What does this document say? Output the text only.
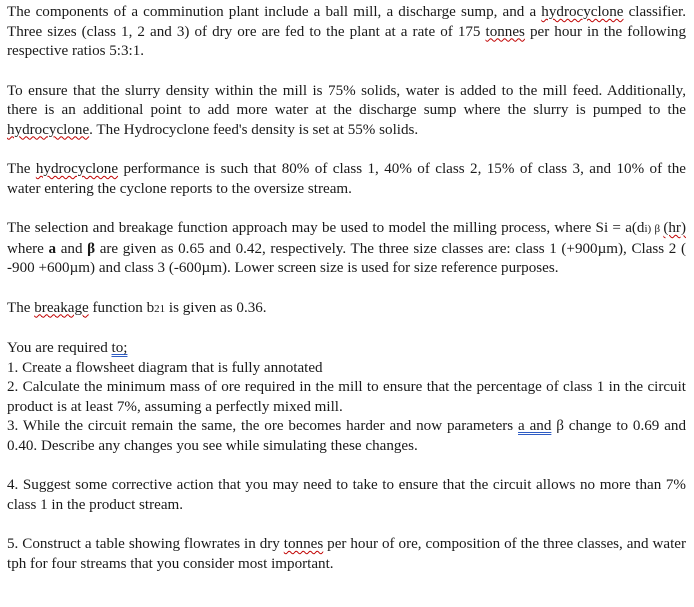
The components of a comminution plant include a ball mill, a discharge sump, and a hydrocyclone classifier. Three sizes (class 1, 2 and 3) of dry ore are fed to the plant at a rate of 175 tonnes per hour in the following respective ratios 5:3:1.

To ensure that the slurry density within the mill is 75% solids, water is added to the mill feed. Additionally, there is an additional point to add more water at the discharge sump where the slurry is pumped to the hydrocyclone. The Hydrocyclone feed's density is set at 55% solids.

The hydrocyclone performance is such that 80% of class 1, 40% of class 2, 15% of class 3, and 10% of the water entering the cyclone reports to the oversize stream.

The selection and breakage function approach may be used to model the milling process, where Si = a(di) β (hr) where a and β are given as 0.65 and 0.42, respectively. The three size classes are: class 1 (+900µm), Class 2 ( -900 +600µm) and class 3 (-600µm). Lower screen size is used for size reference purposes.

The breakage function b21 is given as 0.36.

You are required to;

1. Create a flowsheet diagram that is fully annotated

2. Calculate the minimum mass of ore required in the mill to ensure that the percentage of class 1 in the circuit product is at least 7%, assuming a perfectly mixed mill.

3. While the circuit remain the same, the ore becomes harder and now parameters a and β change to 0.69 and 0.40. Describe any changes you see while simulating these changes.

4. Suggest some corrective action that you may need to take to ensure that the circuit allows no more than 7% class 1 in the product stream.

5. Construct a table showing flowrates in dry tonnes per hour of ore, composition of the three classes, and water tph for four streams that you consider most important.
